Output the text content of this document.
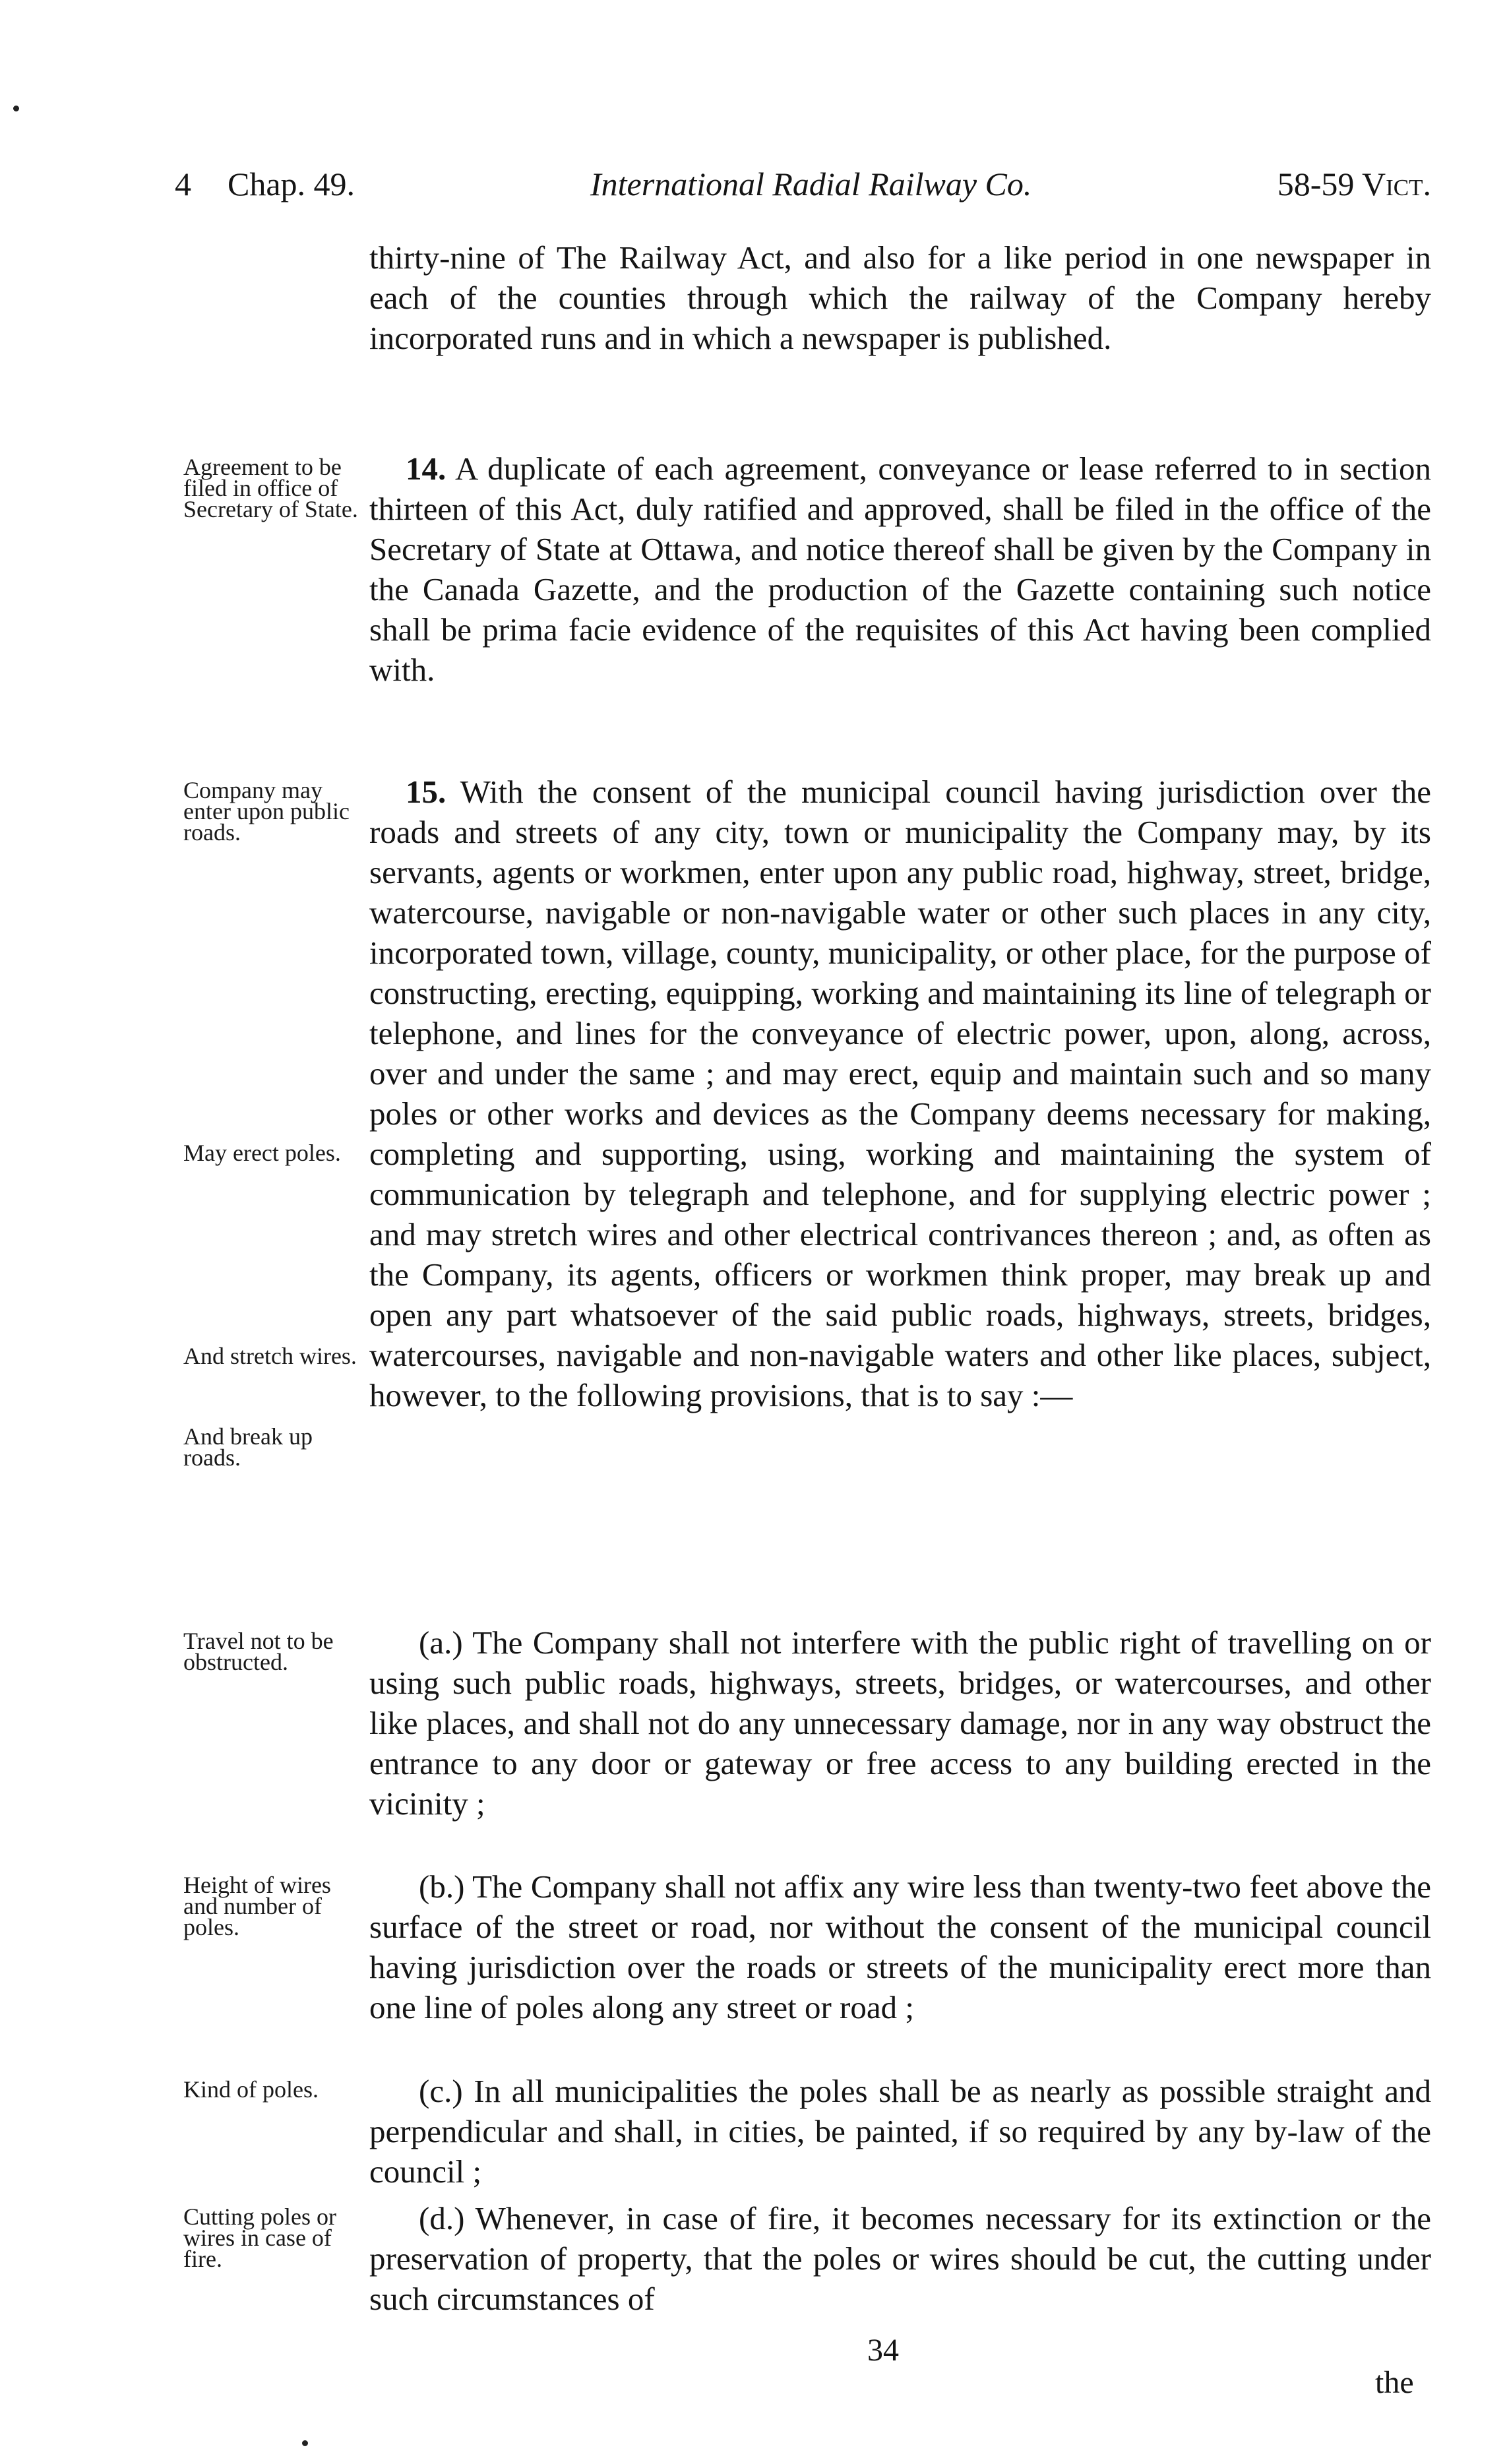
4 Chap. 49.	International Radial Railway Co.	58-59 Vict.

thirty-nine of The Railway Act, and also for a like period in one newspaper in each of the counties through which the railway of the Company hereby incorporated runs and in which a newspaper is published.

Agreement to be filed in office of Secretary of State.

14. A duplicate of each agreement, conveyance or lease referred to in section thirteen of this Act, duly ratified and approved, shall be filed in the office of the Secretary of State at Ottawa, and notice thereof shall be given by the Company in the Canada Gazette, and the production of the Gazette containing such notice shall be prima facie evidence of the requisites of this Act having been complied with.

Company may enter upon public roads.

May erect poles.

And stretch wires.

And break up roads.

15. With the consent of the municipal council having jurisdiction over the roads and streets of any city, town or municipality the Company may, by its servants, agents or workmen, enter upon any public road, highway, street, bridge, watercourse, navigable or non-navigable water or other such places in any city, incorporated town, village, county, municipality, or other place, for the purpose of constructing, erecting, equipping, working and maintaining its line of telegraph or telephone, and lines for the conveyance of electric power, upon, along, across, over and under the same ; and may erect, equip and maintain such and so many poles or other works and devices as the Company deems necessary for making, completing and supporting, using, working and maintaining the system of communication by telegraph and telephone, and for supplying electric power ; and may stretch wires and other electrical contrivances thereon ; and, as often as the Company, its agents, officers or workmen think proper, may break up and open any part whatsoever of the said public roads, highways, streets, bridges, watercourses, navigable and non-navigable waters and other like places, subject, however, to the following provisions, that is to say :—

Travel not to be obstructed.

(a.) The Company shall not interfere with the public right of travelling on or using such public roads, highways, streets, bridges, or watercourses, and other like places, and shall not do any unnecessary damage, nor in any way obstruct the entrance to any door or gateway or free access to any building erected in the vicinity ;

Height of wires and number of poles.

(b.) The Company shall not affix any wire less than twenty-two feet above the surface of the street or road, nor without the consent of the municipal council having jurisdiction over the roads or streets of the municipality erect more than one line of poles along any street or road ;

Kind of poles.	(c.) In all municipalities the poles shall be as nearly as possible straight and perpendicular and shall, in cities, be painted, if so required by any by-law of the council ;

Cutting poles or wires in case of fire.

(d.) Whenever, in case of fire, it becomes necessary for its extinction or the preservation of property, that the poles or wires should be cut, the cutting under such circumstances of

34
the
